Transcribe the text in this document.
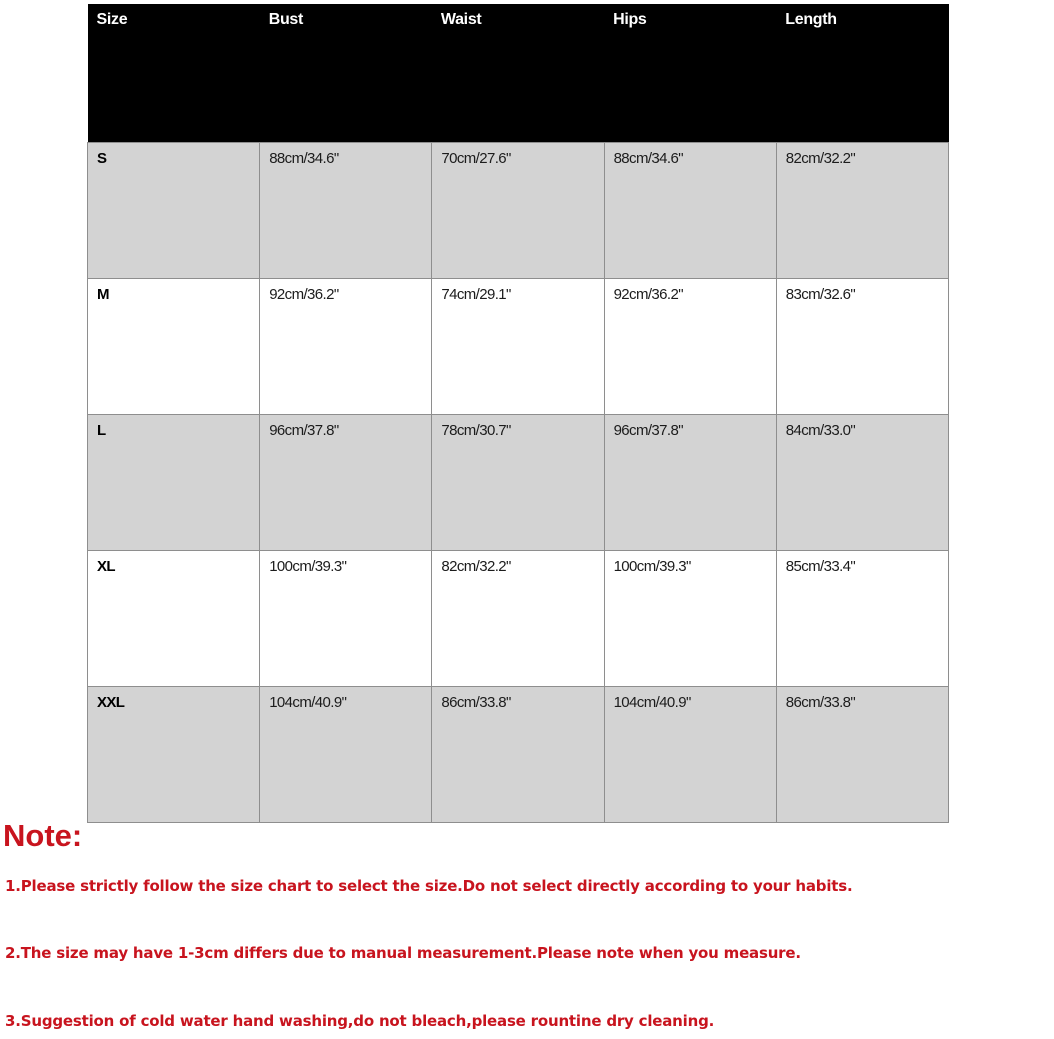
Size	Bust	Waist	Hips	Length
S	88cm/34.6"	70cm/27.6"	88cm/34.6"	82cm/32.2"
M	92cm/36.2"	74cm/29.1"	92cm/36.2"	83cm/32.6"
L	96cm/37.8"	78cm/30.7"	96cm/37.8"	84cm/33.0"
XL	100cm/39.3"	82cm/32.2"	100cm/39.3"	85cm/33.4"
XXL	104cm/40.9"	86cm/33.8"	104cm/40.9"	86cm/33.8"
Note:

1.Please strictly follow the size chart to select the size.Do not select directly according to your habits.

2.The size may have 1-3cm differs due to manual measurement.Please note when you measure.

3.Suggestion of cold water hand washing,do not bleach,please rountine dry cleaning.
